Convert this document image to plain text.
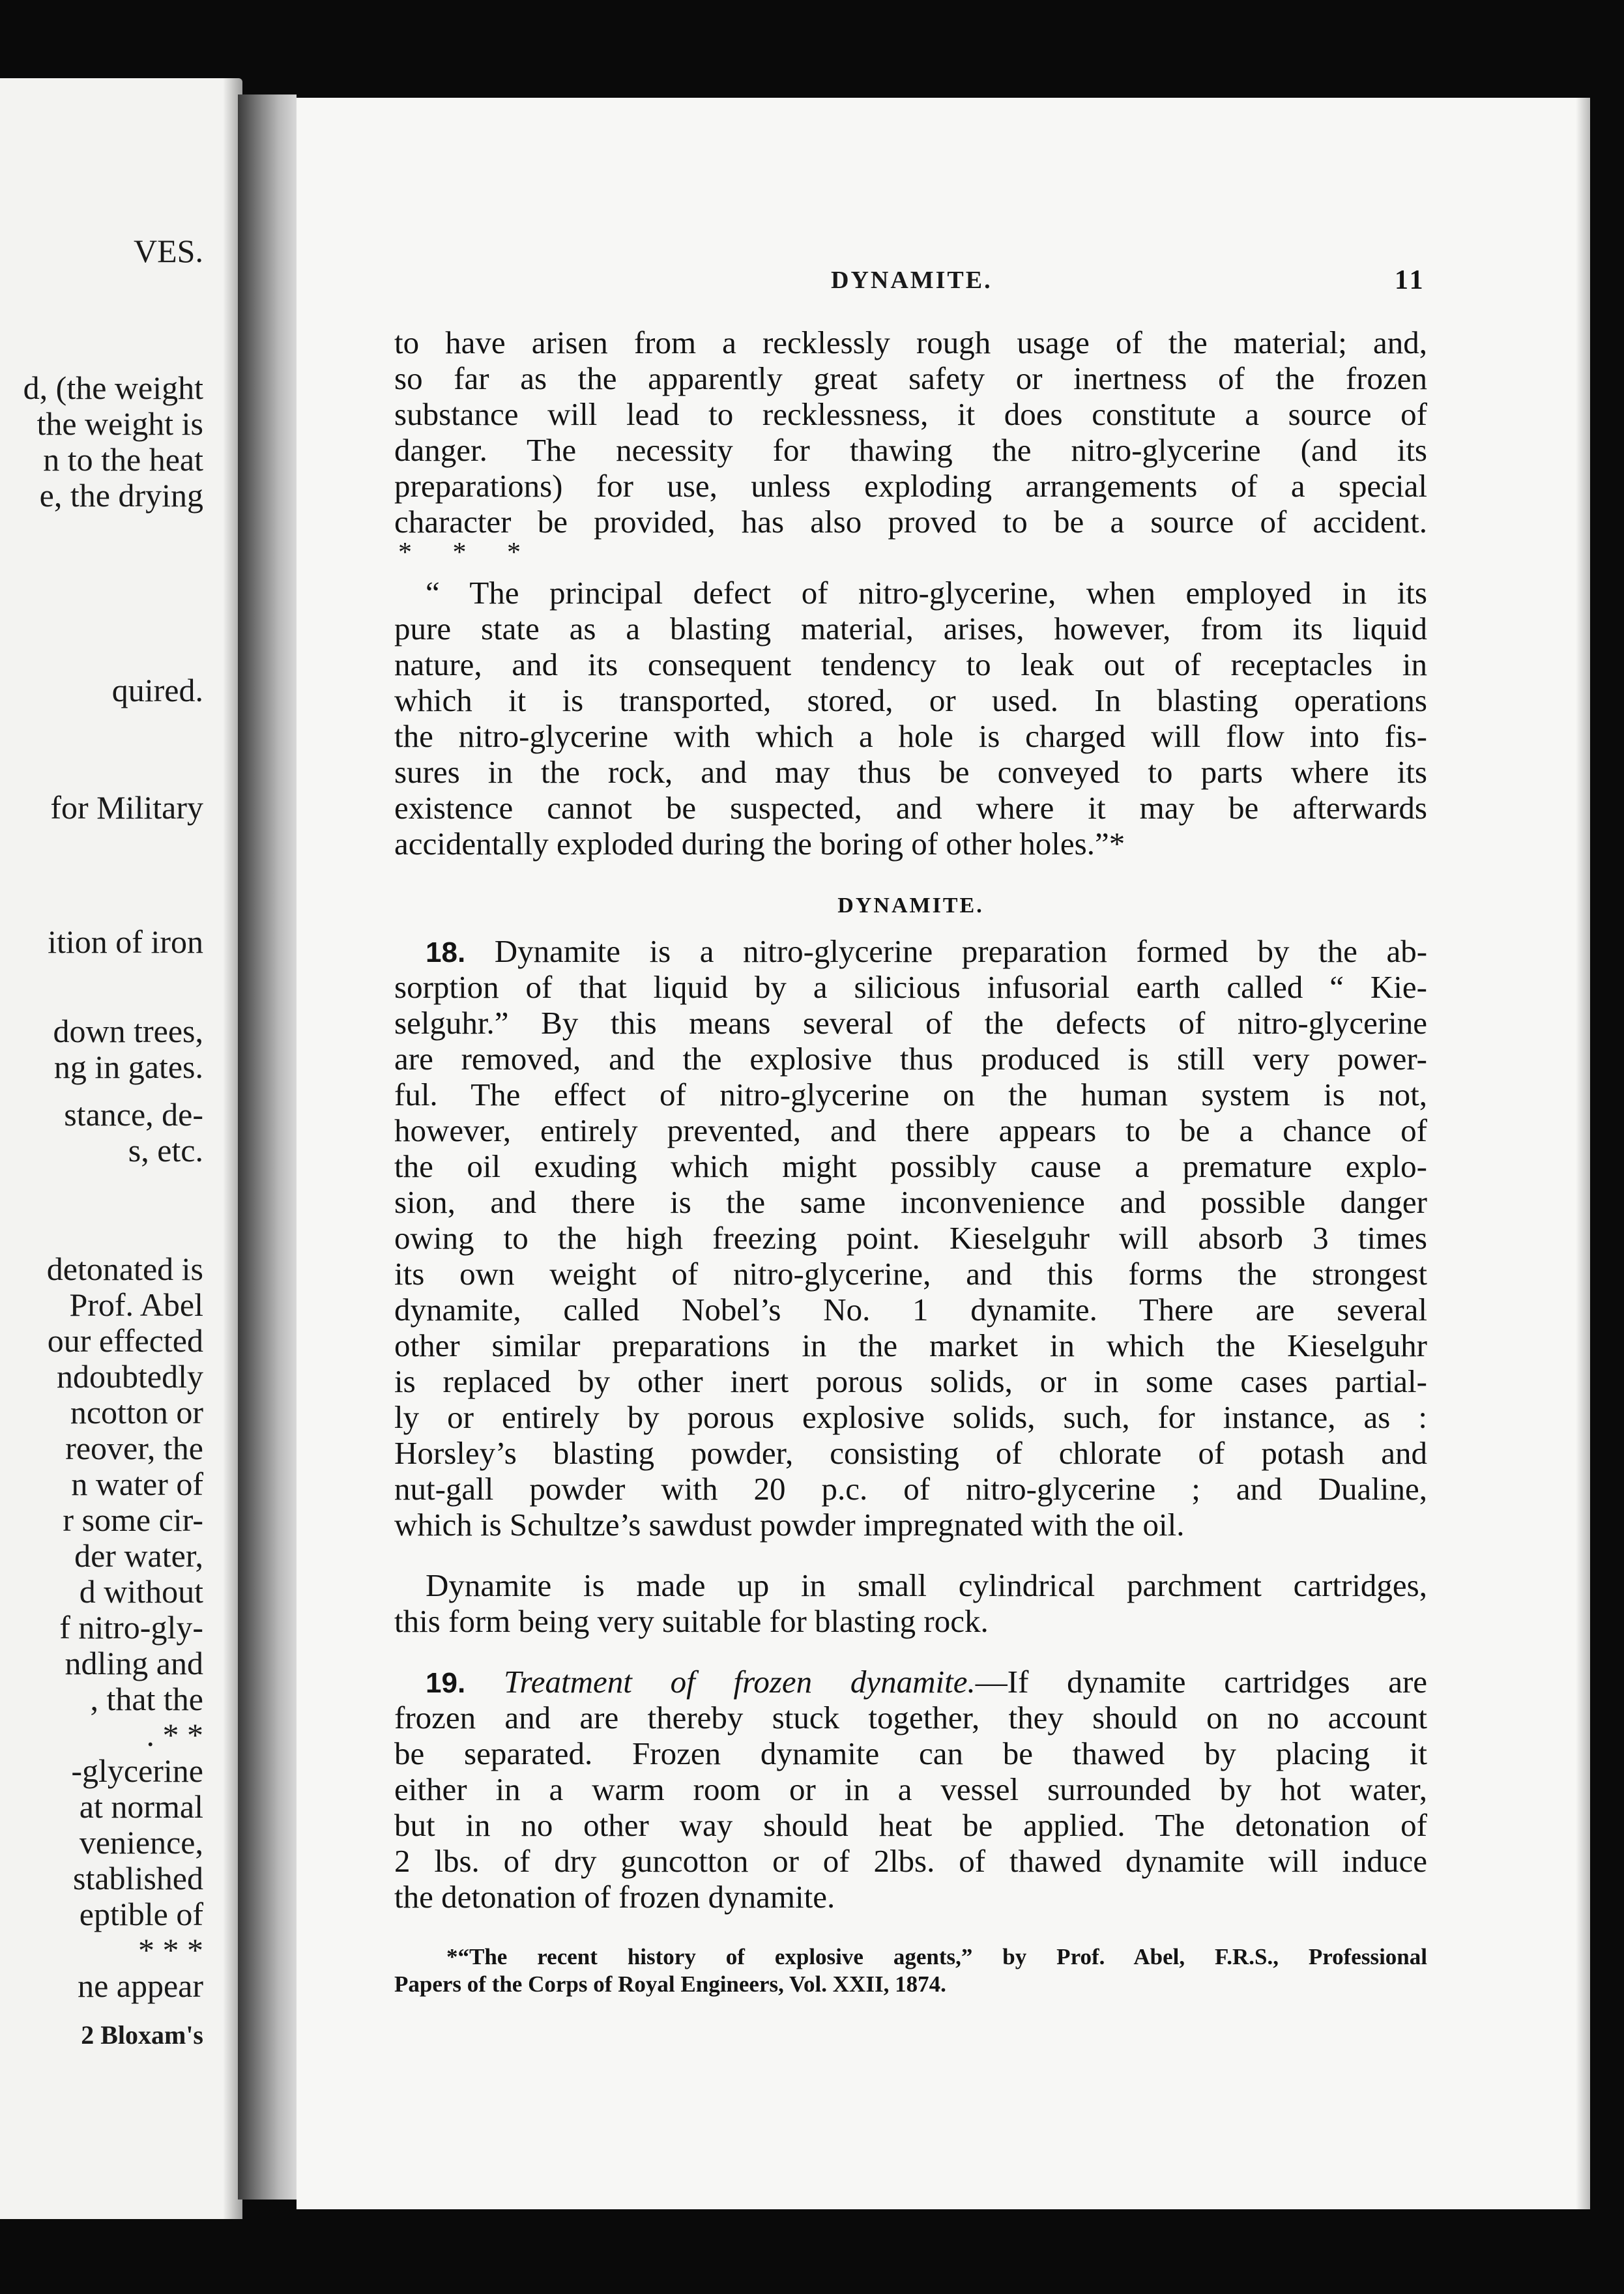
VES.
d, (the weight
the weight is
n to the heat
e, the drying
quired.
for Military
ition of iron
down trees,
ng in gates.
stance, de-
s, etc.
detonated is
Prof. Abel
our effected
ndoubtedly
ncotton or
reover, the
n water of
r some cir-
der water,
d without
f nitro-gly-
ndling and
, that the
. * *
-glycerine
at normal
venience,
stablished
eptible of
* * *
ne appear
2 Bloxam's
DYNAMITE.	11
to have arisen from a recklessly rough usage of the material; and,
so far as the apparently great safety or inertness of the frozen
substance will lead to recklessness, it does constitute a source of
danger. The necessity for thawing the nitro-glycerine (and its
preparations) for use, unless exploding arrangements of a special
character be provided, has also proved to be a source of accident.
* * *
“ The principal defect of nitro-glycerine, when employed in its
pure state as a blasting material, arises, however, from its liquid
nature, and its consequent tendency to leak out of receptacles in
which it is transported, stored, or used. In blasting operations
the nitro-glycerine with which a hole is charged will flow into fis-
sures in the rock, and may thus be conveyed to parts where its
existence cannot be suspected, and where it may be afterwards
accidentally exploded during the boring of other holes.”*
DYNAMITE.
18. Dynamite is a nitro-glycerine preparation formed by the ab-
sorption of that liquid by a silicious infusorial earth called “ Kie-
selguhr.” By this means several of the defects of nitro-glycerine
are removed, and the explosive thus produced is still very power-
ful. The effect of nitro-glycerine on the human system is not,
however, entirely prevented, and there appears to be a chance of
the oil exuding which might possibly cause a premature explo-
sion, and there is the same inconvenience and possible danger
owing to the high freezing point. Kieselguhr will absorb 3 times
its own weight of nitro-glycerine, and this forms the strongest
dynamite, called Nobel’s No. 1 dynamite. There are several
other similar preparations in the market in which the Kieselguhr
is replaced by other inert porous solids, or in some cases partial-
ly or entirely by porous explosive solids, such, for instance, as :
Horsley’s blasting powder, consisting of chlorate of potash and
nut-gall powder with 20 p.c. of nitro-glycerine ; and Dualine,
which is Schultze’s sawdust powder impregnated with the oil.
Dynamite is made up in small cylindrical parchment cartridges,
this form being very suitable for blasting rock.
19. Treatment of frozen dynamite.—If dynamite cartridges are
frozen and are thereby stuck together, they should on no account
be separated. Frozen dynamite can be thawed by placing it
either in a warm room or in a vessel surrounded by hot water,
but in no other way should heat be applied. The detonation of
2 lbs. of dry guncotton or of 2lbs. of thawed dynamite will induce
the detonation of frozen dynamite.
*“The recent history of explosive agents,” by Prof. Abel, F.R.S., Professional
Papers of the Corps of Royal Engineers, Vol. XXII, 1874.
